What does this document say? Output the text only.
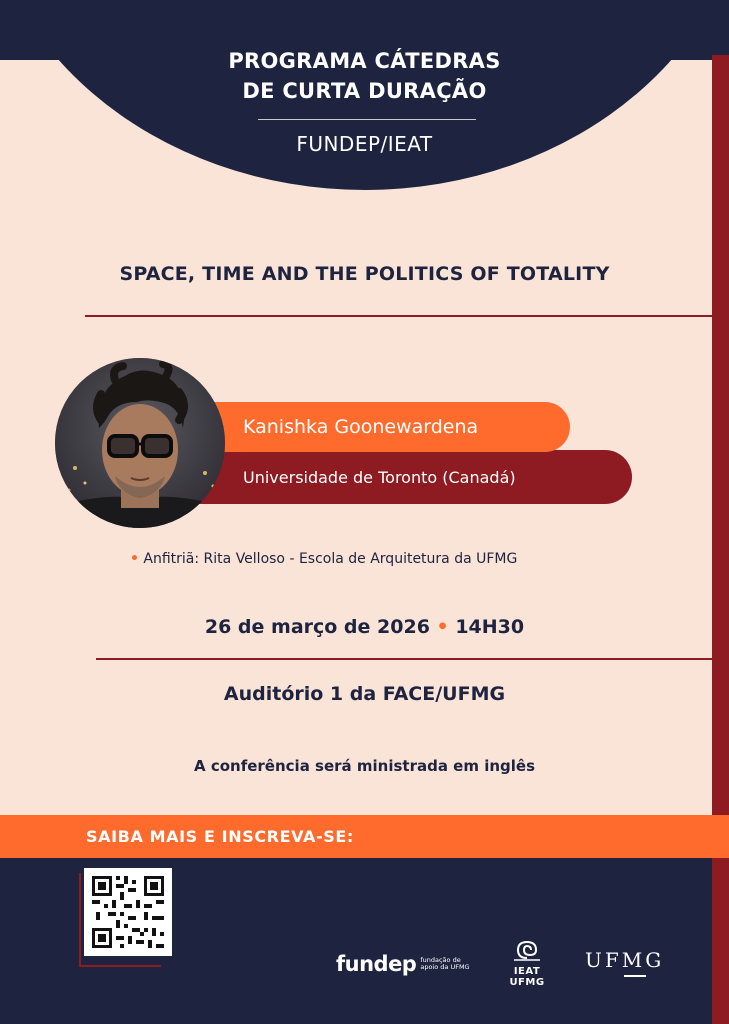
PROGRAMA CÁTEDRAS
DE CURTA DURAÇÃO
FUNDEP/IEAT
SPACE, TIME AND THE POLITICS OF TOTALITY
Kanishka Goonewardena
Universidade de Toronto (Canadá)
• Anfitriã: Rita Velloso - Escola de Arquitetura da UFMG
26 de março de 2026 • 14H30
Auditório 1 da FACE/UFMG
A conferência será ministrada em inglês
SAIBA MAIS E INSCREVA-SE:
fundep fundação de
apoio da UFMG	IEAT
UFMG
UFMG
